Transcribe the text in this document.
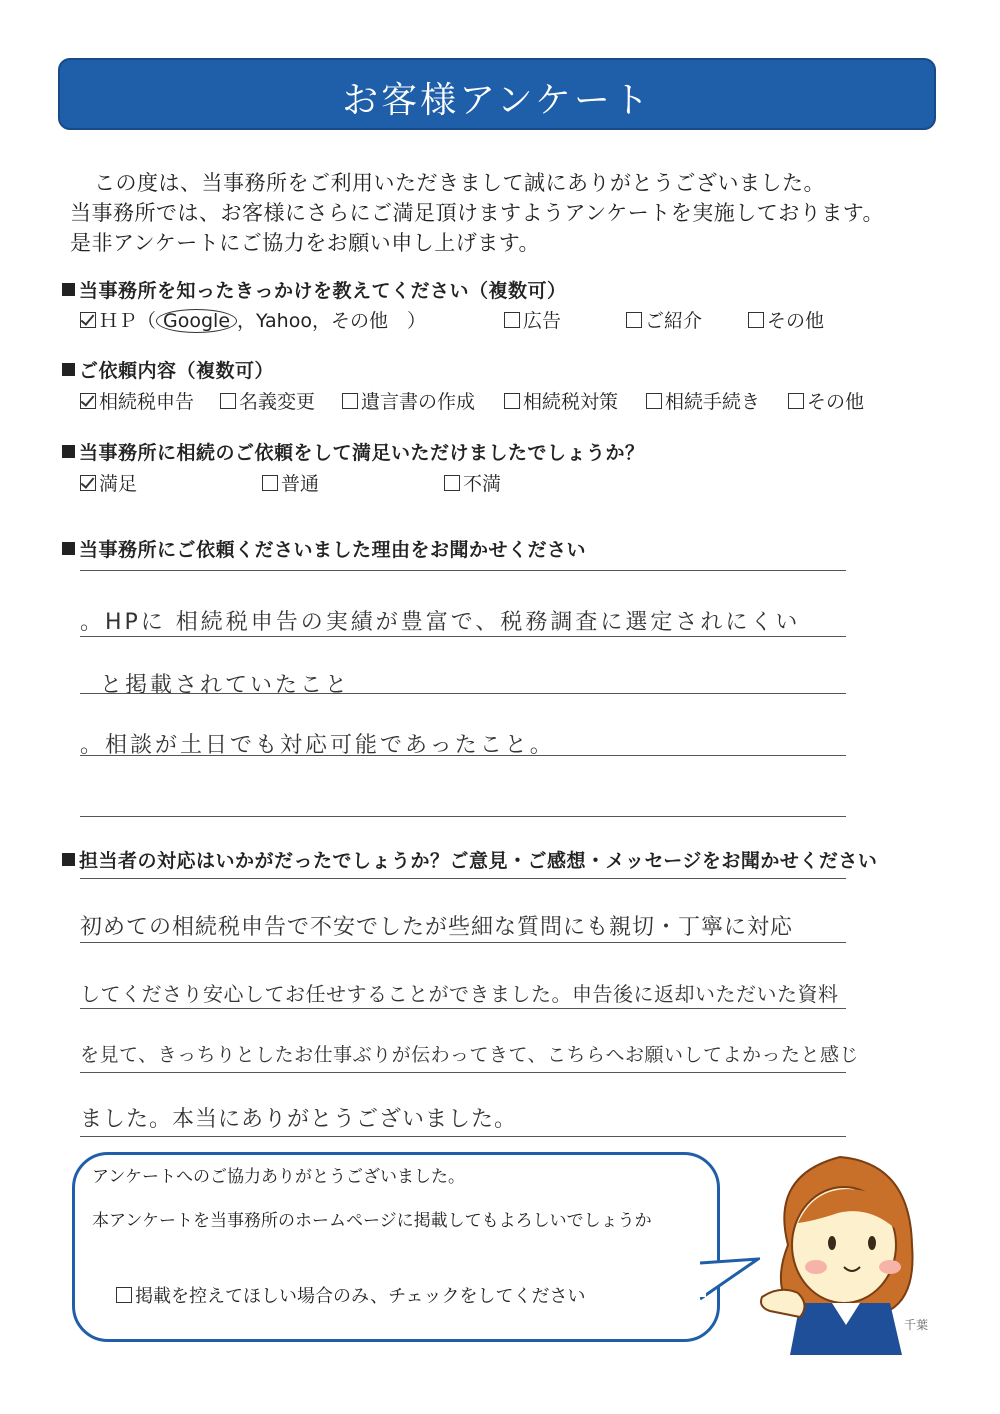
お客様アンケート
この度は、当事務所をご利用いただきまして誠にありがとうございました。
当事務所では、お客様にさらにご満足頂けますようアンケートを実施しております。
是非アンケートにご協力をお願い申し上げます。
当事務所を知ったきっかけを教えてください（複数可）
ＨＰ（ Google ，Yahoo，その他　）	広告	ご紹介	その他
ご依頼内容（複数可）
相続税申告	名義変更	遺言書の作成	相続税対策	相続手続き	その他
当事務所に相続のご依頼をして満足いただけましたでしょうか？
満足	普通	不満
当事務所にご依頼くださいました理由をお聞かせください
。HPに 相続税申告の実績が豊富で、税務調査に選定されにくい
と掲載されていたこと
。相談が土日でも対応可能であったこと。
担当者の対応はいかがだったでしょうか？ご意見・ご感想・メッセージをお聞かせください
初めての相続税申告で不安でしたが些細な質問にも親切・丁寧に対応
してくださり安心してお任せすることができました。申告後に返却いただいた資料
を見て、きっちりとしたお仕事ぶりが伝わってきて、こちらへお願いしてよかったと感じ
ました。本当にありがとうございました。
アンケートへのご協力ありがとうございました。
本アンケートを当事務所のホームページに掲載してもよろしいでしょうか
掲載を控えてほしい場合のみ、チェックをしてください
千葉
